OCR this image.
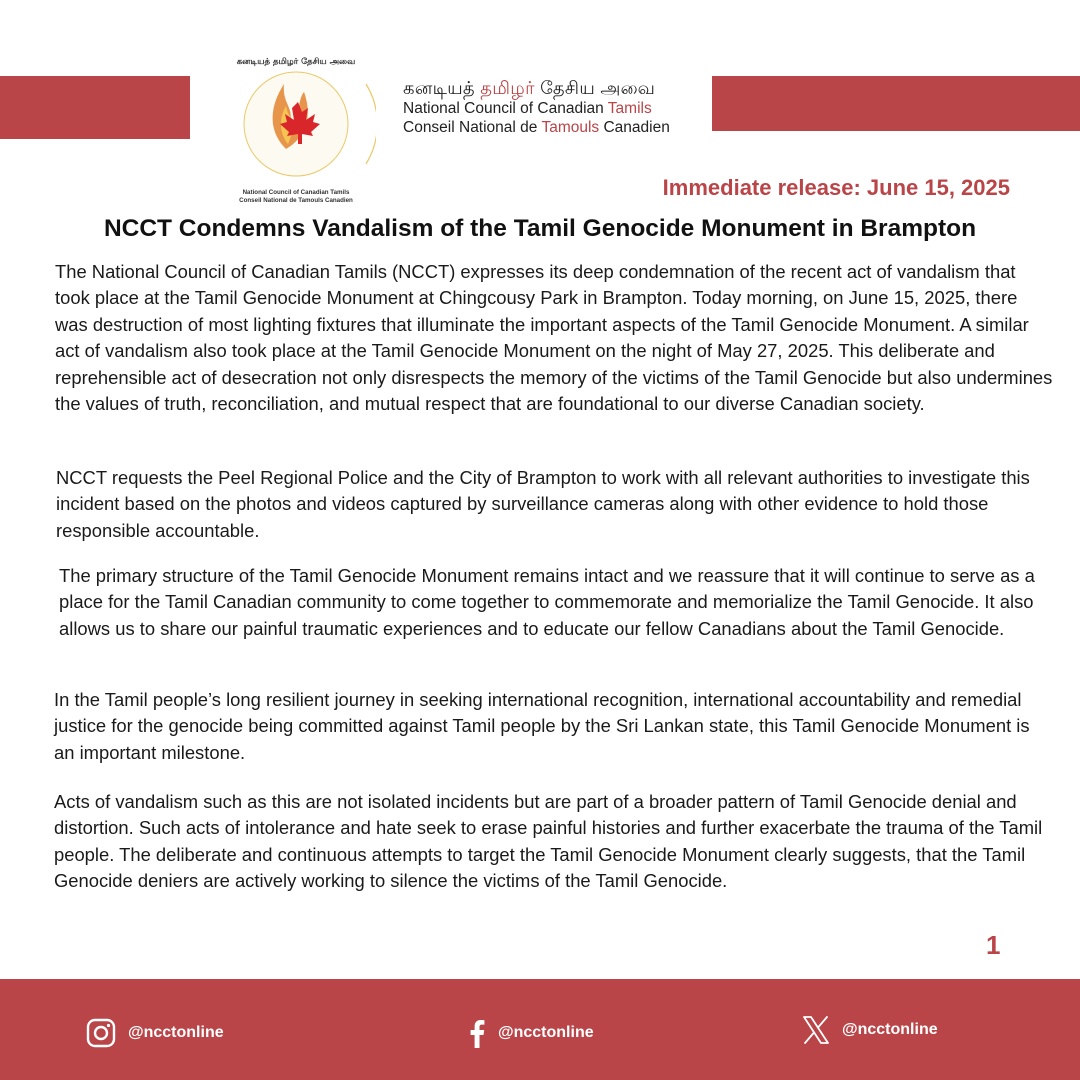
கனடியத் தமிழர் தேசிய அவை
National Council of Canadian Tamils
Conseil National de Tamouls Canadien
கனடியத் தமிழர் தேசிய அவை
National Council of Canadian Tamils
Conseil National de Tamouls Canadien
Immediate release: June 15, 2025
NCCT Condemns Vandalism of the Tamil Genocide Monument in Brampton

The National Council of Canadian Tamils (NCCT) expresses its deep condemnation of the recent act of vandalism that took place at the Tamil Genocide Monument at Chingcousy Park in Brampton. Today morning, on June 15, 2025, there was destruction of most lighting fixtures that illuminate the important aspects of the Tamil Genocide Monument. A similar act of vandalism also took place at the Tamil Genocide Monument on the night of May 27, 2025. This deliberate and reprehensible act of desecration not only disrespects the memory of the victims of the Tamil Genocide but also undermines the values of truth, reconciliation, and mutual respect that are foundational to our diverse Canadian society.

NCCT requests the Peel Regional Police and the City of Brampton to work with all relevant authorities to investigate this incident based on the photos and videos captured by surveillance cameras along with other evidence to hold those responsible accountable.

The primary structure of the Tamil Genocide Monument remains intact and we reassure that it will continue to serve as a place for the Tamil Canadian community to come together to commemorate and memorialize the Tamil Genocide. It also allows us to share our painful traumatic experiences and to educate our fellow Canadians about the Tamil Genocide.

In the Tamil people’s long resilient journey in seeking international recognition, international accountability and remedial justice for the genocide being committed against Tamil people by the Sri Lankan state, this Tamil Genocide Monument is an important milestone.

Acts of vandalism such as this are not isolated incidents but are part of a broader pattern of Tamil Genocide denial and distortion. Such acts of intolerance and hate seek to erase painful histories and further exacerbate the trauma of the Tamil people. The deliberate and continuous attempts to target the Tamil Genocide Monument clearly suggests, that the Tamil Genocide deniers are actively working to silence the victims of the Tamil Genocide.

1
@ncctonline	@ncctonline	@ncctonline
